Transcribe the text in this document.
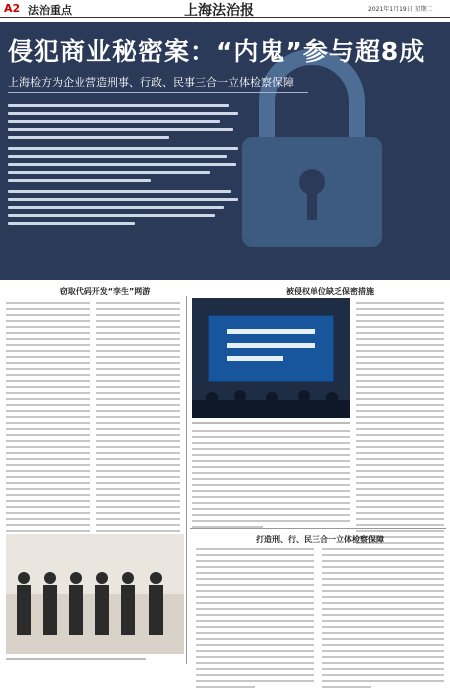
A2 法治重点	上海法治报	2021年1月19日 星期二
侵犯商业秘密案：“内鬼”参与超8成
上海检方为企业营造刑事、行政、民事三合一立体检察保障
窃取代码开发“孪生”网游	被侵权单位缺乏保密措施
打造刑、行、民三合一立体检察保障
